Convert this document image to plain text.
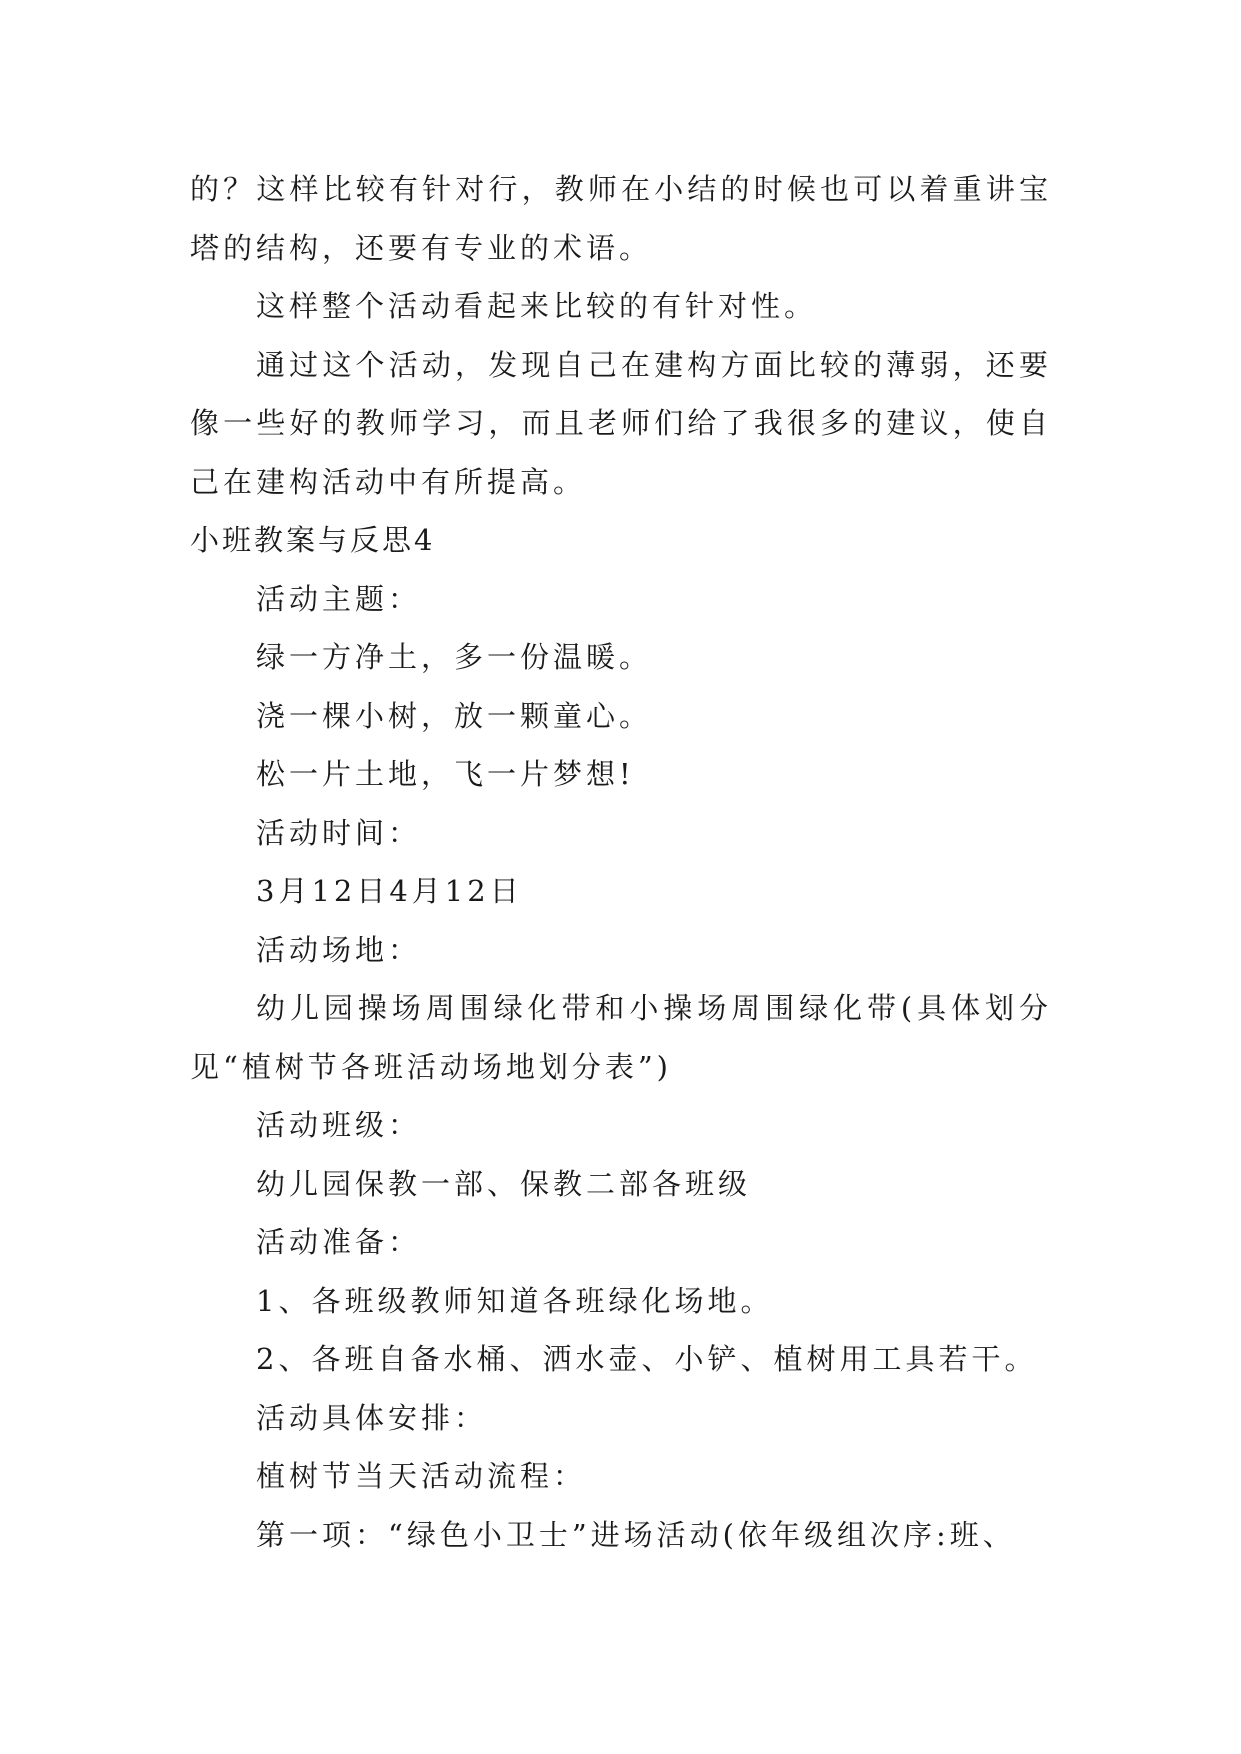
的？这样比较有针对行，教师在小结的时候也可以着重讲宝塔的结构，还要有专业的术语。

这样整个活动看起来比较的有针对性。

通过这个活动，发现自己在建构方面比较的薄弱，还要像一些好的教师学习，而且老师们给了我很多的建议，使自己在建构活动中有所提高。

小班教案与反思4

活动主题：

绿一方净土，多一份温暖。

浇一棵小树，放一颗童心。

松一片土地，飞一片梦想!

活动时间：

3月12日4月12日

活动场地：

幼儿园操场周围绿化带和小操场周围绿化带(具体划分见“植树节各班活动场地划分表”)

活动班级：

幼儿园保教一部、保教二部各班级

活动准备：

1、各班级教师知道各班绿化场地。

2、各班自备水桶、洒水壶、小铲、植树用工具若干。

活动具体安排：

植树节当天活动流程：

第一项：“绿色小卫士”进场活动(依年级组次序:班、
